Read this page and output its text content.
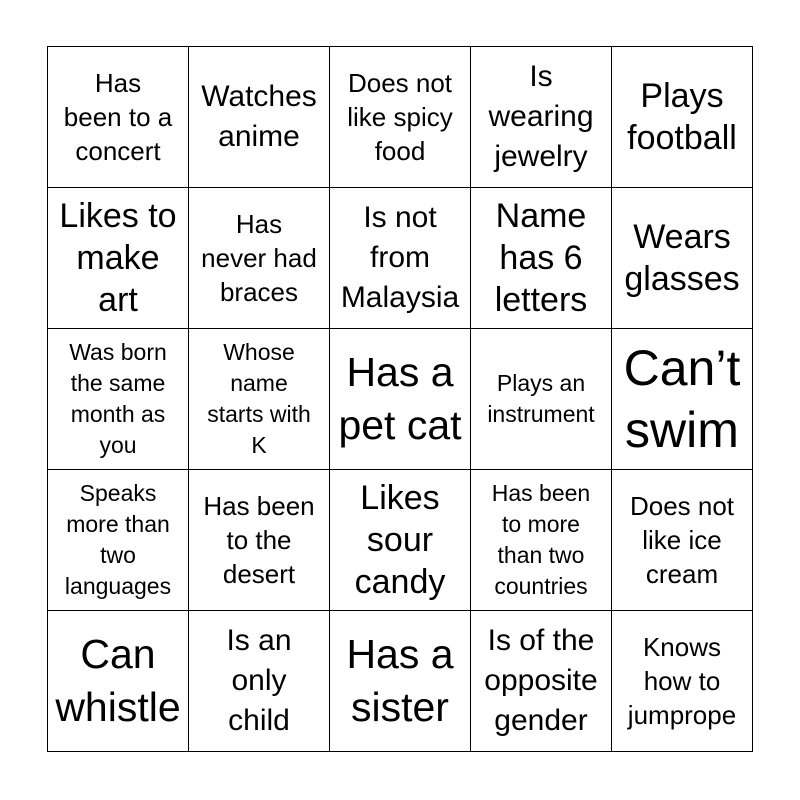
Has
been to a
concert
Watches
anime
Does not
like spicy
food
Is
wearing
jewelry
Plays
football
Likes to
make
art
Has
never had
braces
Is not
from
Malaysia
Name
has 6
letters
Wears
glasses
Was born
the same
month as
you
Whose
name
starts with
K
Has a
pet cat
Plays an
instrument
Can’t
swim
Speaks
more than
two
languages
Has been
to the
desert
Likes
sour
candy
Has been
to more
than two
countries
Does not
like ice
cream
Can
whistle
Is an
only
child
Has a
sister
Is of the
opposite
gender
Knows
how to
jumprope
